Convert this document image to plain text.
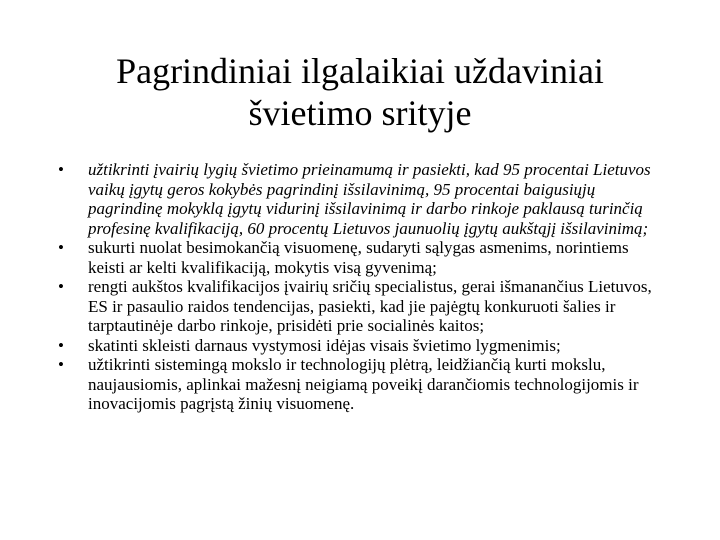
Pagrindiniai ilgalaikiai uždaviniai
švietimo srityje
•	užtikrinti įvairių lygių švietimo prieinamumą ir pasiekti, kad 95 procentai Lietuvos vaikų įgytų geros kokybės pagrindinį išsilavinimą, 95 procentai baigusiųjų pagrindinę mokyklą įgytų vidurinį išsilavinimą ir darbo rinkoje paklausą turinčią profesinę kvalifikaciją, 60 procentų Lietuvos jaunuolių įgytų aukštąjį išsilavinimą;
•	sukurti nuolat besimokančią visuomenę, sudaryti sąlygas asmenims, norintiems keisti ar kelti kvalifikaciją, mokytis visą gyvenimą;
•	rengti aukštos kvalifikacijos įvairių sričių specialistus, gerai išmanančius Lietuvos, ES ir pasaulio raidos tendencijas, pasiekti, kad jie pajėgtų konkuruoti šalies ir tarptautinėje darbo rinkoje, prisidėti prie socialinės kaitos;
•	skatinti skleisti darnaus vystymosi idėjas visais švietimo lygmenimis;
•	užtikrinti sistemingą mokslo ir technologijų plėtrą, leidžiančią kurti mokslu, naujausiomis, aplinkai mažesnį neigiamą poveikį darančiomis technologijomis ir inovacijomis pagrįstą žinių visuomenę.
